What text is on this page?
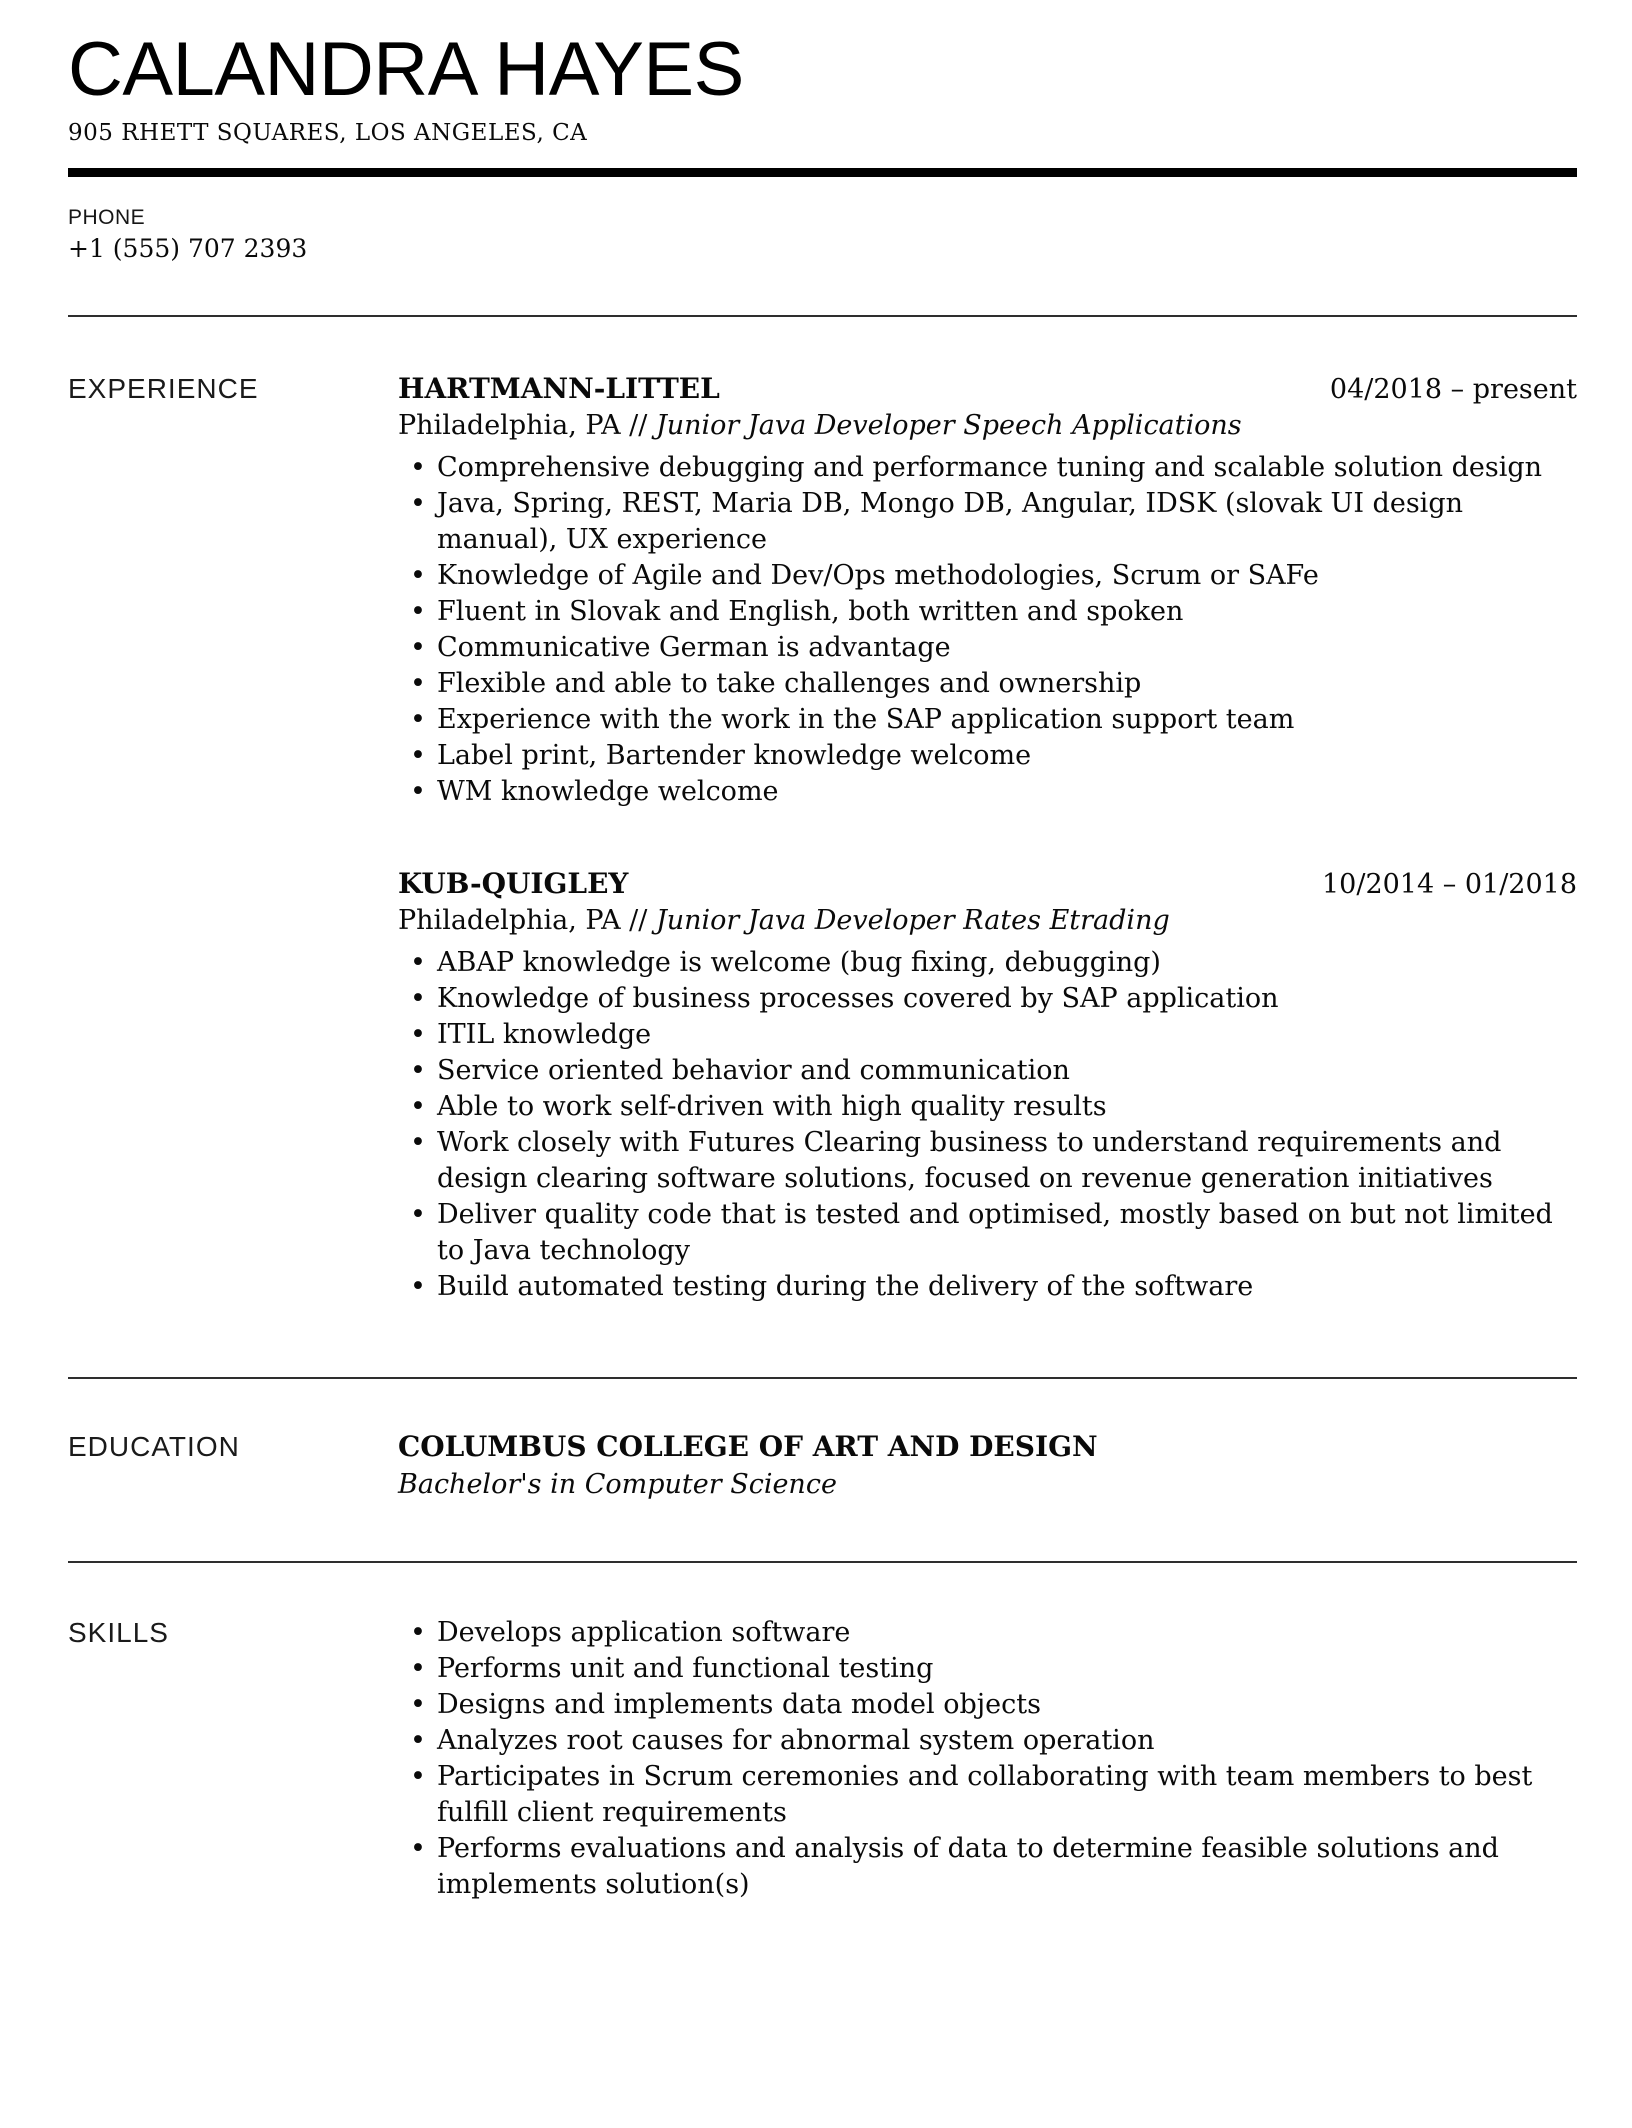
CALANDRA HAYES
905 RHETT SQUARES, LOS ANGELES, CA
PHONE
+1 (555) 707 2393
EXPERIENCE	HARTMANN-LITTEL	04/2018 – present
Philadelphia, PA // Junior Java Developer Speech Applications
• Comprehensive debugging and performance tuning and scalable solution design
• Java, Spring, REST, Maria DB, Mongo DB, Angular, IDSK (slovak UI design manual), UX experience
• Knowledge of Agile and Dev/Ops methodologies, Scrum or SAFe
• Fluent in Slovak and English, both written and spoken
• Communicative German is advantage
• Flexible and able to take challenges and ownership
• Experience with the work in the SAP application support team
• Label print, Bartender knowledge welcome
• WM knowledge welcome
KUB-QUIGLEY	10/2014 – 01/2018
Philadelphia, PA // Junior Java Developer Rates Etrading
• ABAP knowledge is welcome (bug fixing, debugging)
• Knowledge of business processes covered by SAP application
• ITIL knowledge
• Service oriented behavior and communication
• Able to work self-driven with high quality results
• Work closely with Futures Clearing business to understand requirements and design clearing software solutions, focused on revenue generation initiatives
• Deliver quality code that is tested and optimised, mostly based on but not limited to Java technology
• Build automated testing during the delivery of the software
EDUCATION	COLUMBUS COLLEGE OF ART AND DESIGN
Bachelor's in Computer Science
SKILLS	• Develops application software
• Performs unit and functional testing
• Designs and implements data model objects
• Analyzes root causes for abnormal system operation
• Participates in Scrum ceremonies and collaborating with team members to best fulfill client requirements
• Performs evaluations and analysis of data to determine feasible solutions and implements solution(s)
